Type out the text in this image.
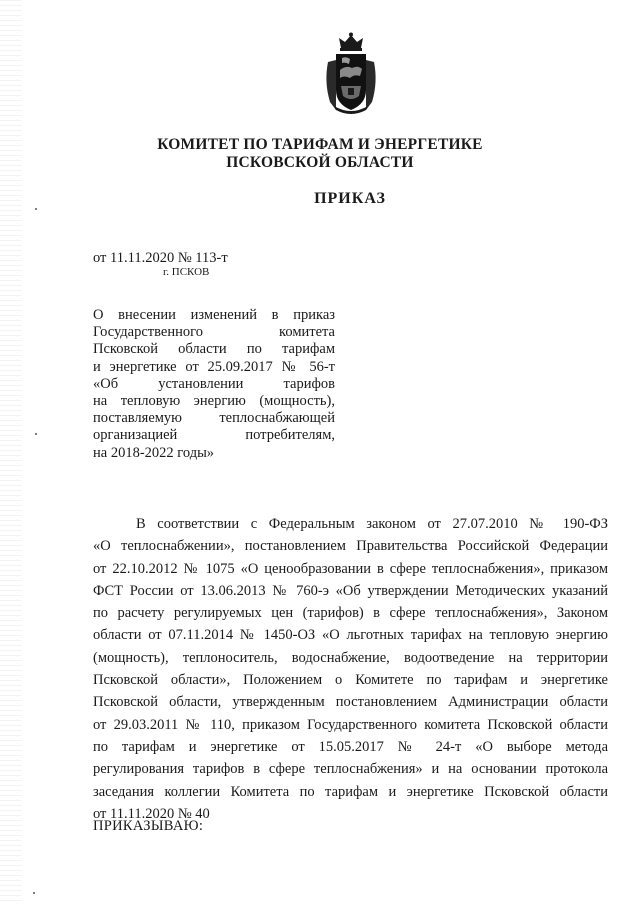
КОМИТЕТ ПО ТАРИФАМ И ЭНЕРГЕТИКЕ
ПСКОВСКОЙ ОБЛАСТИ
ПРИКАЗ
от 11.11.2020 № 113-т
г. ПСКОВ
О внесении изменений в приказ
Государственного комитета
Псковской области по тарифам
и энергетике от 25.09.2017 № 56-т
«Об установлении тарифов
на тепловую энергию (мощность),
поставляемую теплоснабжающей
организацией потребителям,
на 2018-2022 годы»
В соответствии с Федеральным законом от 27.07.2010 № 190-ФЗ
«О теплоснабжении», постановлением Правительства Российской Федерации
от 22.10.2012 № 1075 «О ценообразовании в сфере теплоснабжения», приказом
ФСТ России от 13.06.2013 № 760-э «Об утверждении Методических указаний
по расчету регулируемых цен (тарифов) в сфере теплоснабжения», Законом
области от 07.11.2014 № 1450-ОЗ «О льготных тарифах на тепловую энергию
(мощность), теплоноситель, водоснабжение, водоотведение на территории
Псковской области», Положением о Комитете по тарифам и энергетике
Псковской области, утвержденным постановлением Администрации области
от 29.03.2011 № 110, приказом Государственного комитета Псковской области
по тарифам и энергетике от 15.05.2017 № 24-т «О выборе метода
регулирования тарифов в сфере теплоснабжения» и на основании протокола
заседания коллегии Комитета по тарифам и энергетике Псковской области
от 11.11.2020 № 40
ПРИКАЗЫВАЮ:
